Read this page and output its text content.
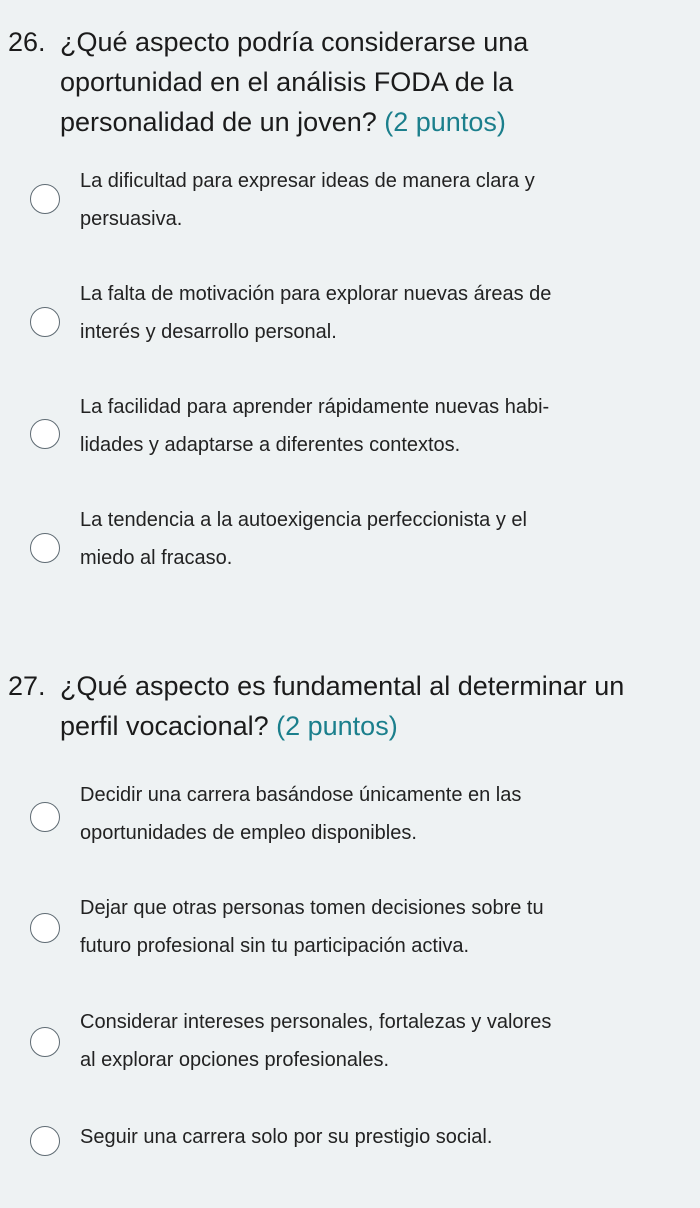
26. ¿Qué aspecto podría considerarse una
oportunidad en el análisis FODA de la
personalidad de un joven? (2 puntos)
La dificultad para expresar ideas de manera clara y
persuasiva.
La falta de motivación para explorar nuevas áreas de
interés y desarrollo personal.
La facilidad para aprender rápidamente nuevas habi-
lidades y adaptarse a diferentes contextos.
La tendencia a la autoexigencia perfeccionista y el
miedo al fracaso.
27. ¿Qué aspecto es fundamental al determinar un
perfil vocacional? (2 puntos)
Decidir una carrera basándose únicamente en las
oportunidades de empleo disponibles.
Dejar que otras personas tomen decisiones sobre tu
futuro profesional sin tu participación activa.
Considerar intereses personales, fortalezas y valores
al explorar opciones profesionales.
Seguir una carrera solo por su prestigio social.
